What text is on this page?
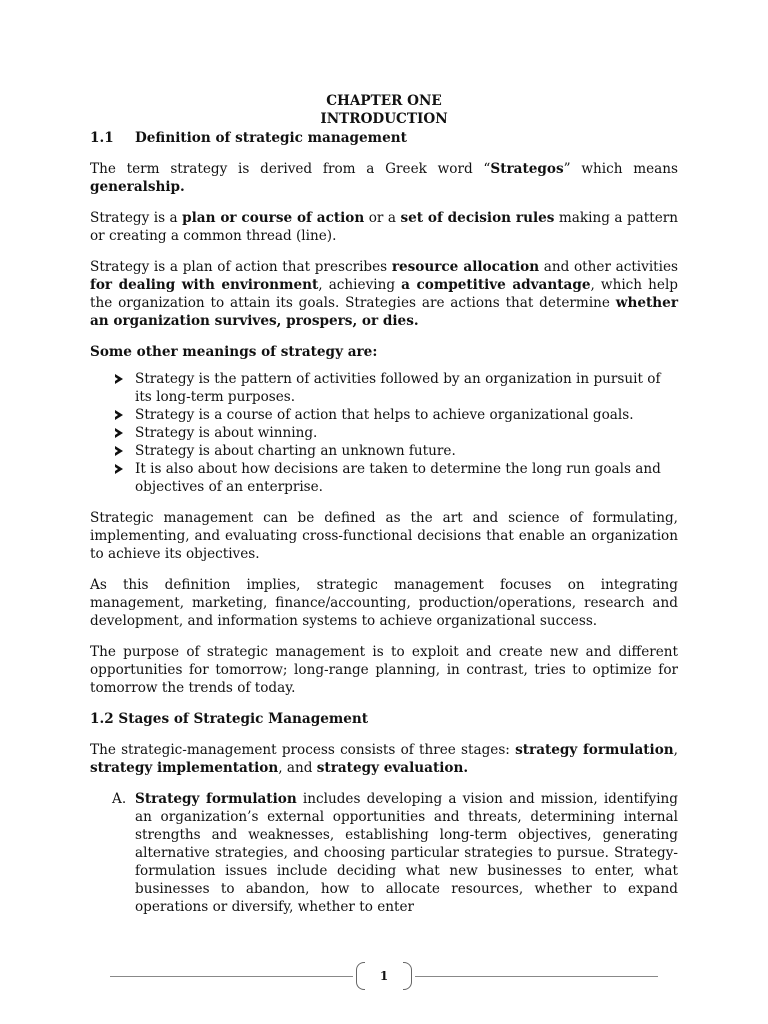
CHAPTER ONE
INTRODUCTION
1.1	Definition of strategic management

The term strategy is derived from a Greek word “Strategos” which means generalship.

Strategy is a plan or course of action or a set of decision rules making a pattern or creating a common thread (line).

Strategy is a plan of action that prescribes resource allocation and other activities for dealing with environment, achieving a competitive advantage, which help the organization to attain its goals. Strategies are actions that determine whether an organization survives, prospers, or dies.

Some other meanings of strategy are:

Strategy is the pattern of activities followed by an organization in pursuit of its long-term purposes.
Strategy is a course of action that helps to achieve organizational goals.
Strategy is about winning.
Strategy is about charting an unknown future.
It is also about how decisions are taken to determine the long run goals and objectives of an enterprise.

Strategic management can be defined as the art and science of formulating, implementing, and evaluating cross-functional decisions that enable an organization to achieve its objectives.

As this definition implies, strategic management focuses on integrating management, marketing, finance/accounting, production/operations, research and development, and information systems to achieve organizational success.

The purpose of strategic management is to exploit and create new and different opportunities for tomorrow; long-range planning, in contrast, tries to optimize for tomorrow the trends of today.

1.2 Stages of Strategic Management

The strategic-management process consists of three stages: strategy formulation, strategy implementation, and strategy evaluation.

A. Strategy formulation includes developing a vision and mission, identifying an organization’s external opportunities and threats, determining internal strengths and weaknesses, establishing long-term objectives, generating alternative strategies, and choosing particular strategies to pursue. Strategy-formulation issues include deciding what new businesses to enter, what businesses to abandon, how to allocate resources, whether to expand operations or diversify, whether to enter
1
